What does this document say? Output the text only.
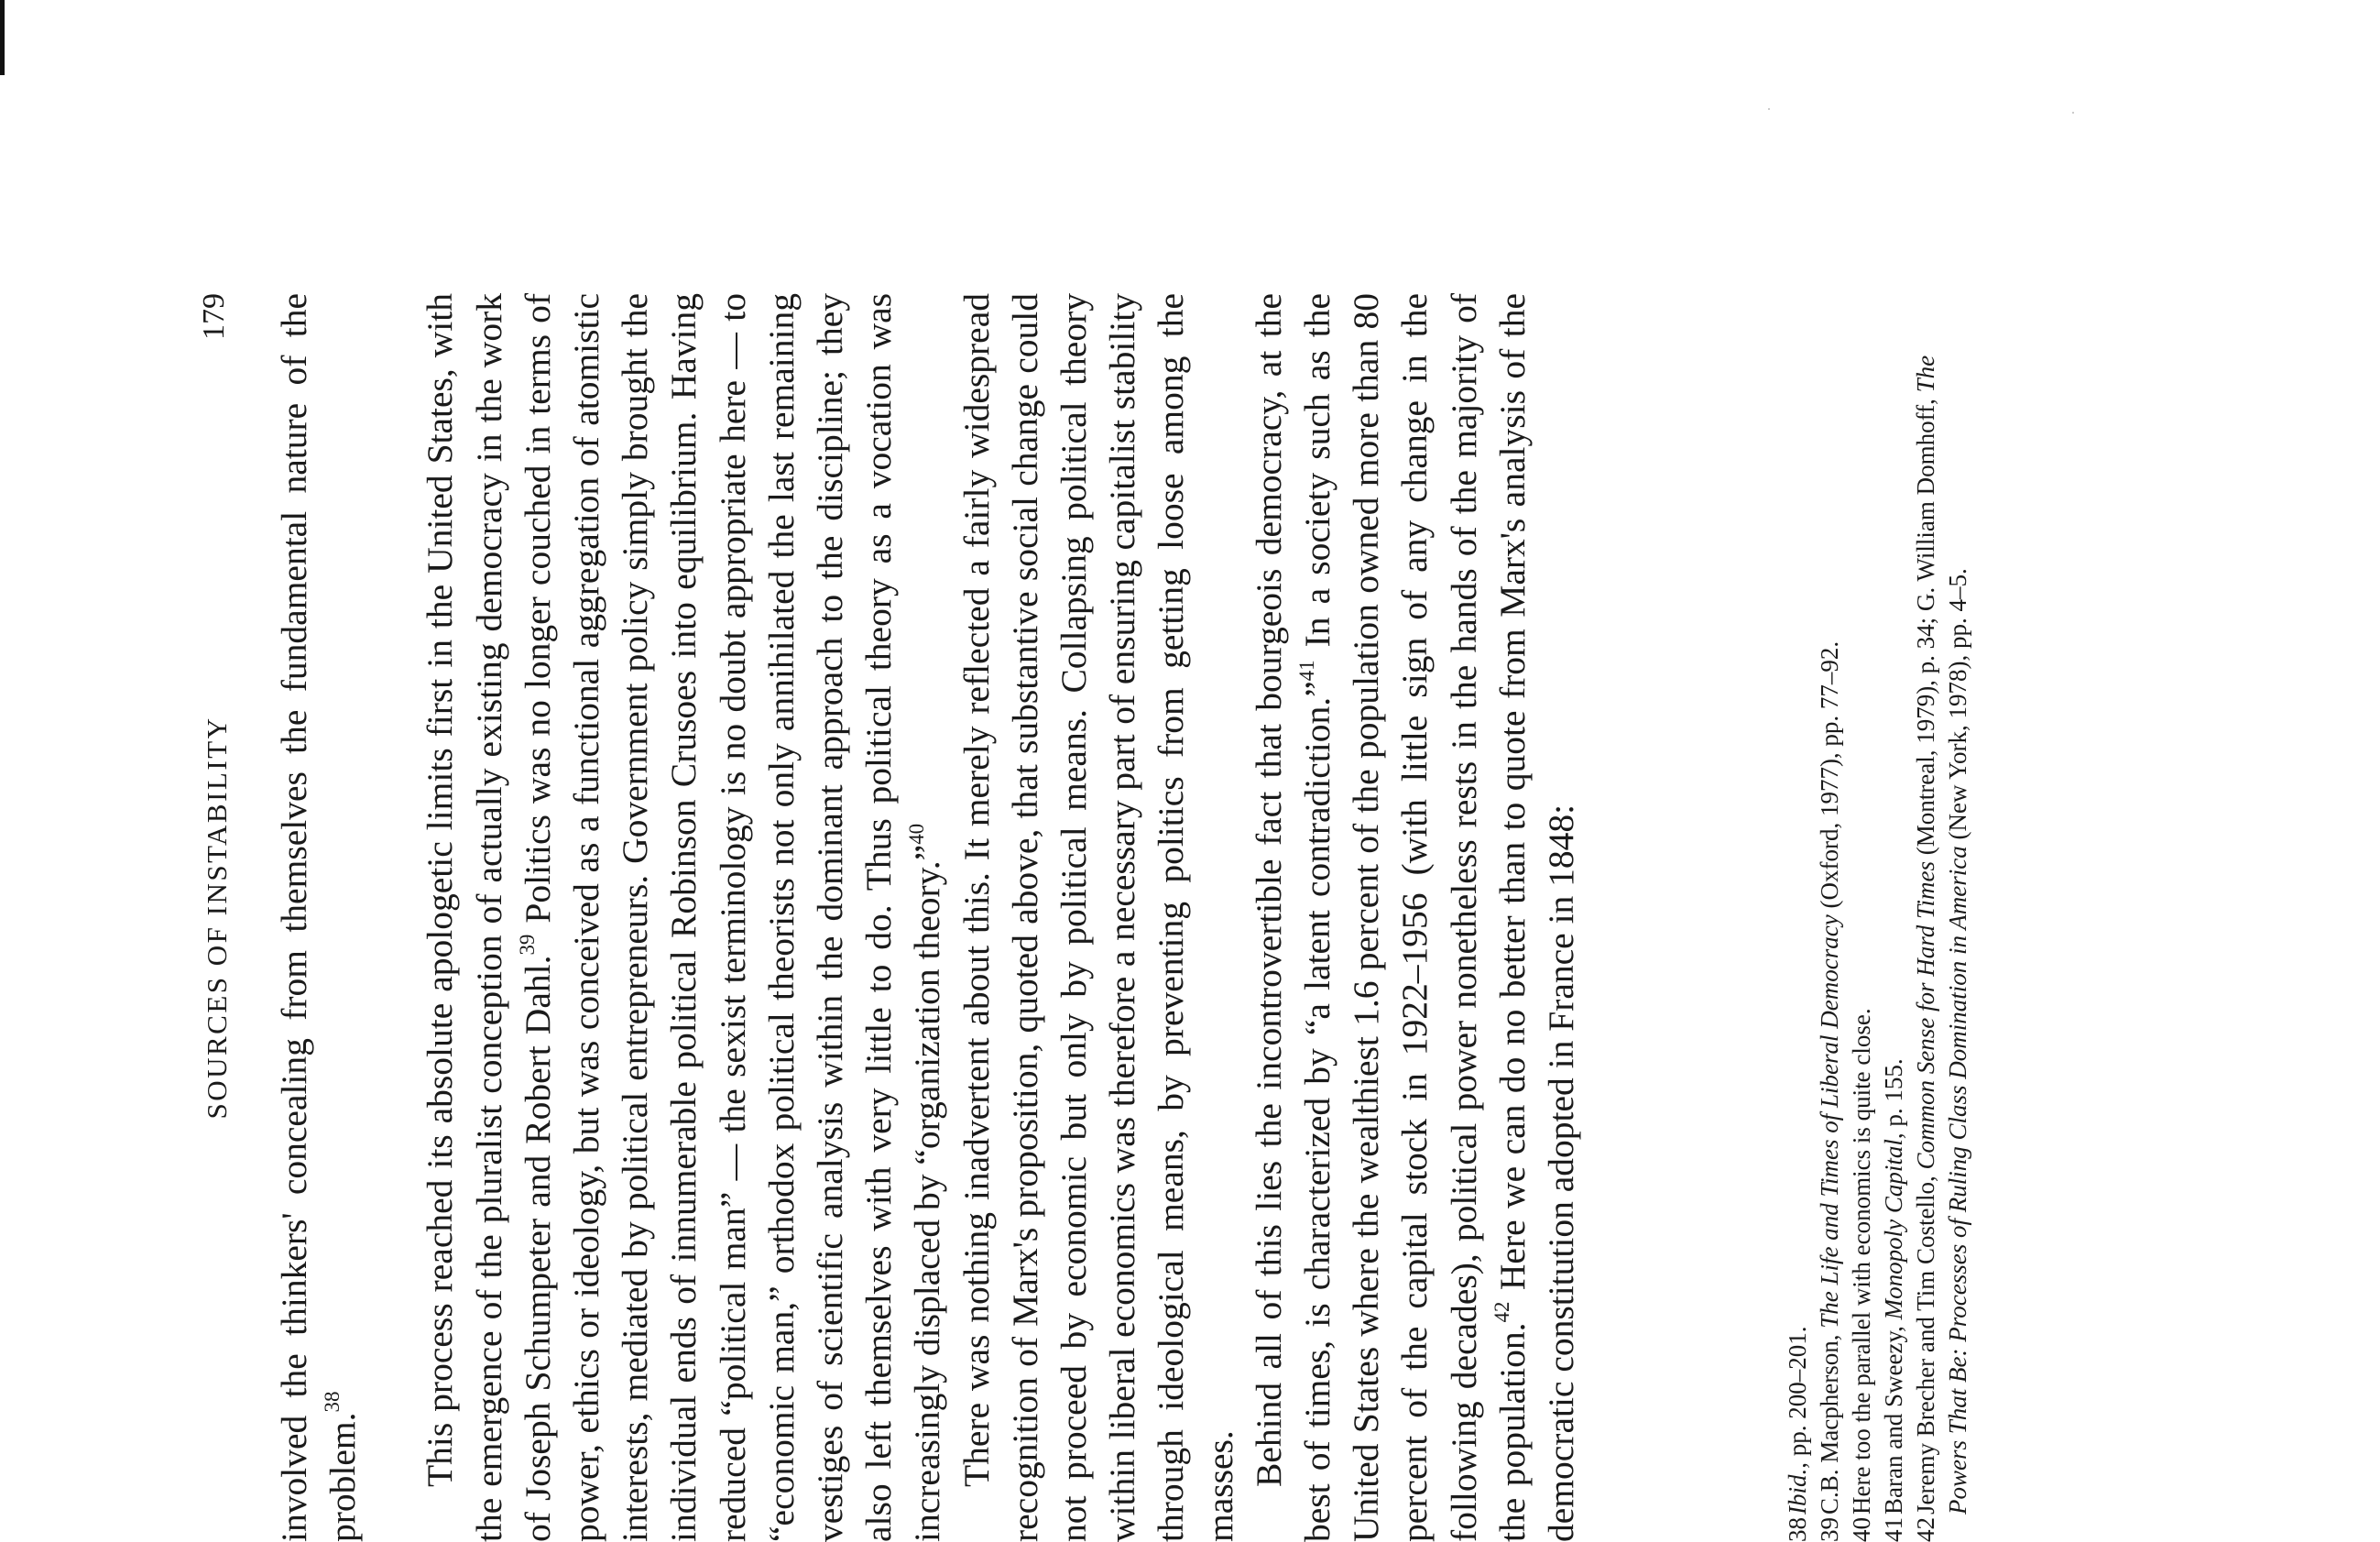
SOURCES OF INSTABILITY
179 involved the thinkers' concealing from themselves the fundamental nature of the problem.$^{38}$	This process reached its absolute apologetic limits first in the United States, with the emergence of the pluralist conception of actually existing democracy in the work of Joseph Schumpeter and Robert Dahl.$^{39}$ Politics was no longer couched in terms of power, ethics or ideology, but was conceived as a functional aggregation of atomistic interests, mediated by political entrepreneurs. Government policy simply brought the individual ends of innumerable political Robinson Crusoes into equilibrium. Having reduced “political man” — the sexist terminology is no doubt appropriate here — to “economic man,” orthodox political theorists not only annihilated the last remaining vestiges of scientific analysis within the dominant approach to the discipline; they also left themselves with very little to do. Thus political theory as a vocation was increasingly displaced by “organization theory.”$^{40}$ There was nothing inadvertent about this. It merely reflected a fairly widespread recognition of Marx's proposition, quoted above, that substantive social change could not proceed by economic but only by political means. Collapsing political theory within liberal economics was therefore a necessary part of ensuring capitalist stability through ideological means, by preventing politics from getting loose among the masses. Behind all of this lies the incontrovertible fact that bourgeois democracy, at the best of times, is characterized by “a latent contradiction.”$^{41}$ In a society such as the United States where the wealthiest 1.6 percent of the population owned more than 80 percent of the capital stock in 1922–1956 (with little sign of any change in the following decades), political power nonetheless rests in the hands of the majority of the population.$^{42}$ Here we can do no better than to quote from Marx's analysis of the democratic constitution adopted in France in 1848:	38
Ibid., pp. 200–201.
39
C.B. Macpherson, The Life and Times of Liberal Democracy (Oxford, 1977), pp. 77–92.
40
Here too the parallel with economics is quite close.
41
Baran and Sweezy, Monopoly Capital, p. 155.
42
Jeremy Brecher and Tim Costello, Common Sense for Hard Times (Montreal, 1979), p. 34; G. William Domhoff, The Powers That Be: Processes of Ruling Class Domination in America (New York, 1978), pp. 4–5.
